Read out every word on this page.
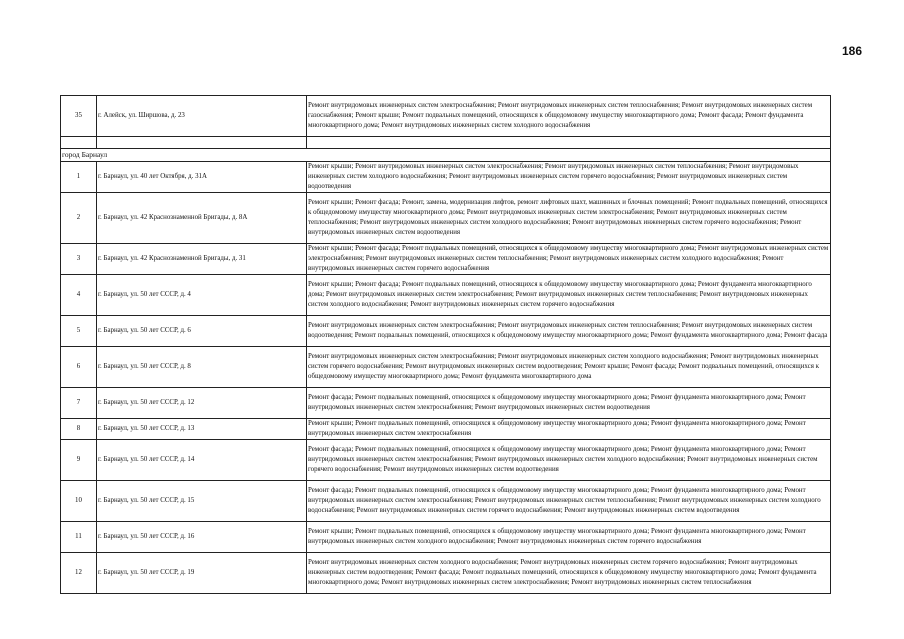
186
35	г. Алейск, ул. Ширшова, д. 23	Ремонт внутридомовых инженерных систем электроснабжения; Ремонт внутридомовых инженерных систем теплоснабжения; Ремонт внутридомовых инженерных систем газоснабжения; Ремонт крыши; Ремонт подвальных помещений, относящихся к общедомовому имуществу многоквартирного дома; Ремонт фасада; Ремонт фундамента многоквартирного дома; Ремонт внутридомовых инженерных систем холодного водоснабжения

город Барнаул		
1	г. Барнаул, ул. 40 лет Октября, д. 31А	Ремонт крыши; Ремонт внутридомовых инженерных систем электроснабжения; Ремонт внутридомовых инженерных систем теплоснабжения; Ремонт внутридомовых инженерных систем холодного водоснабжения; Ремонт внутридомовых инженерных систем горячего водоснабжения; Ремонт внутридомовых инженерных систем водоотведения
2	г. Барнаул, ул. 42 Краснознаменной Бригады, д. 8А	Ремонт крыши; Ремонт фасада; Ремонт, замена, модернизация лифтов, ремонт лифтовых шахт, машинных и блочных помещений; Ремонт подвальных помещений, относящихся к общедомовому имуществу многоквартирного дома; Ремонт внутридомовых инженерных систем электроснабжения; Ремонт внутридомовых инженерных систем теплоснабжения; Ремонт внутридомовых инженерных систем холодного водоснабжения; Ремонт внутридомовых инженерных систем горячего водоснабжения; Ремонт внутридомовых инженерных систем водоотведения
3	г. Барнаул, ул. 42 Краснознаменной Бригады, д. 31	Ремонт крыши; Ремонт фасада; Ремонт подвальных помещений, относящихся к общедомовому имуществу многоквартирного дома; Ремонт внутридомовых инженерных систем электроснабжения; Ремонт внутридомовых инженерных систем теплоснабжения; Ремонт внутридомовых инженерных систем холодного водоснабжения; Ремонт внутридомовых инженерных систем горячего водоснабжения
4	г. Барнаул, ул. 50 лет СССР, д. 4	Ремонт крыши; Ремонт фасада; Ремонт подвальных помещений, относящихся к общедомовому имуществу многоквартирного дома; Ремонт фундамента многоквартирного дома; Ремонт внутридомовых инженерных систем электроснабжения; Ремонт внутридомовых инженерных систем теплоснабжения; Ремонт внутридомовых инженерных систем холодного водоснабжения; Ремонт внутридомовых инженерных систем горячего водоснабжения
5	г. Барнаул, ул. 50 лет СССР, д. 6	Ремонт внутридомовых инженерных систем электроснабжения; Ремонт внутридомовых инженерных систем теплоснабжения; Ремонт внутридомовых инженерных систем водоотведения; Ремонт подвальных помещений, относящихся к общедомовому имуществу многоквартирного дома; Ремонт фундамента многоквартирного дома; Ремонт фасада
6	г. Барнаул, ул. 50 лет СССР, д. 8	Ремонт внутридомовых инженерных систем электроснабжения; Ремонт внутридомовых инженерных систем холодного водоснабжения; Ремонт внутридомовых инженерных систем горячего водоснабжения; Ремонт внутридомовых инженерных систем водоотведения; Ремонт крыши; Ремонт фасада; Ремонт подвальных помещений, относящихся к общедомовому имуществу многоквартирного дома; Ремонт фундамента многоквартирного дома
7	г. Барнаул, ул. 50 лет СССР, д. 12	Ремонт фасада; Ремонт подвальных помещений, относящихся к общедомовому имуществу многоквартирного дома; Ремонт фундамента многоквартирного дома; Ремонт внутридомовых инженерных систем электроснабжения; Ремонт внутридомовых инженерных систем водоотведения
8	г. Барнаул, ул. 50 лет СССР, д. 13	Ремонт крыши; Ремонт подвальных помещений, относящихся к общедомовому имуществу многоквартирного дома; Ремонт фундамента многоквартирного дома; Ремонт внутридомовых инженерных систем электроснабжения
9	г. Барнаул, ул. 50 лет СССР, д. 14	Ремонт фасада; Ремонт подвальных помещений, относящихся к общедомовому имуществу многоквартирного дома; Ремонт фундамента многоквартирного дома; Ремонт внутридомовых инженерных систем электроснабжения; Ремонт внутридомовых инженерных систем холодного водоснабжения; Ремонт внутридомовых инженерных систем горячего водоснабжения; Ремонт внутридомовых инженерных систем водоотведения
10	г. Барнаул, ул. 50 лет СССР, д. 15	Ремонт фасада; Ремонт подвальных помещений, относящихся к общедомовому имуществу многоквартирного дома; Ремонт фундамента многоквартирного дома; Ремонт внутридомовых инженерных систем электроснабжения; Ремонт внутридомовых инженерных систем теплоснабжения; Ремонт внутридомовых инженерных систем холодного водоснабжения; Ремонт внутридомовых инженерных систем горячего водоснабжения; Ремонт внутридомовых инженерных систем водоотведения
11	г. Барнаул, ул. 50 лет СССР, д. 16	Ремонт крыши; Ремонт подвальных помещений, относящихся к общедомовому имуществу многоквартирного дома; Ремонт фундамента многоквартирного дома; Ремонт внутридомовых инженерных систем холодного водоснабжения; Ремонт внутридомовых инженерных систем горячего водоснабжения
12	г. Барнаул, ул. 50 лет СССР, д. 19	Ремонт внутридомовых инженерных систем холодного водоснабжения; Ремонт внутридомовых инженерных систем горячего водоснабжения; Ремонт внутридомовых инженерных систем водоотведения; Ремонт фасада; Ремонт подвальных помещений, относящихся к общедомовому имуществу многоквартирного дома; Ремонт фундамента многоквартирного дома; Ремонт внутридомовых инженерных систем электроснабжения; Ремонт внутридомовых инженерных систем теплоснабжения
